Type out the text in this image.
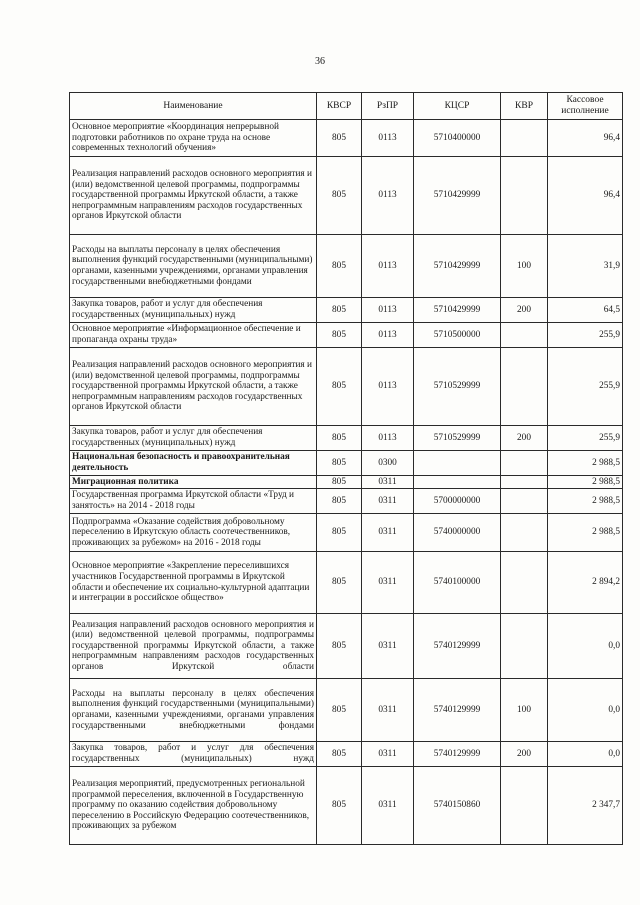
36
Наименование	КВСР	РзПР	КЦСР	КВР	Кассовое исполнение
Основное мероприятие «Координация непрерывной подготовки работников по охране труда на основе современных технологий обучения»	805	0113	5710400000		96,4
Реализация направлений расходов основного мероприятия и (или) ведомственной целевой программы, подпрограммы государственной программы Иркутской области, а также непрограммным направлениям расходов государственных органов Иркутской области	805	0113	5710429999		96,4
Расходы на выплаты персоналу в целях обеспечения выполнения функций государственными (муниципальными) органами, казенными учреждениями, органами управления государственными внебюджетными фондами	805	0113	5710429999	100	31,9
Закупка товаров, работ и услуг для обеспечения государственных (муниципальных) нужд	805	0113	5710429999	200	64,5
Основное мероприятие «Информационное обеспечение и пропаганда охраны труда»	805	0113	5710500000		255,9
Реализация направлений расходов основного мероприятия и (или) ведомственной целевой программы, подпрограммы государственной программы Иркутской области, а также непрограммным направлениям расходов государственных органов Иркутской области	805	0113	5710529999		255,9
Закупка товаров, работ и услуг для обеспечения государственных (муниципальных) нужд	805	0113	5710529999	200	255,9
Национальная безопасность и правоохранительная деятельность	805	0300			2 988,5
Миграционная политика	805	0311			2 988,5
Государственная программа Иркутской области «Труд и занятость» на 2014 - 2018 годы	805	0311	5700000000		2 988,5
Подпрограмма «Оказание содействия добровольному переселению в Иркутскую область соотечественников, проживающих за рубежом» на 2016 - 2018 годы	805	0311	5740000000		2 988,5
Основное мероприятие «Закрепление переселившихся участников Государственной программы в Иркутской области и обеспечение их социально-культурной адаптации и интеграции в российское общество»	805	0311	5740100000		2 894,2
Реализация направлений расходов основного мероприятия и (или) ведомственной целевой программы, подпрограммы государственной программы Иркутской области, а также непрограммным направлениям расходов государственных органов Иркутской области	805	0311	5740129999		0,0
Расходы на выплаты персоналу в целях обеспечения выполнения функций государственными (муниципальными) органами, казенными учреждениями, органами управления государственными внебюджетными фондами	805	0311	5740129999	100	0,0
Закупка товаров, работ и услуг для обеспечения государственных (муниципальных) нужд	805	0311	5740129999	200	0,0
Реализация мероприятий, предусмотренных региональной программой переселения, включенной в Государственную программу по оказанию содействия добровольному переселению в Российскую Федерацию соотечественников, проживающих за рубежом	805	0311	5740150860		2 347,7
